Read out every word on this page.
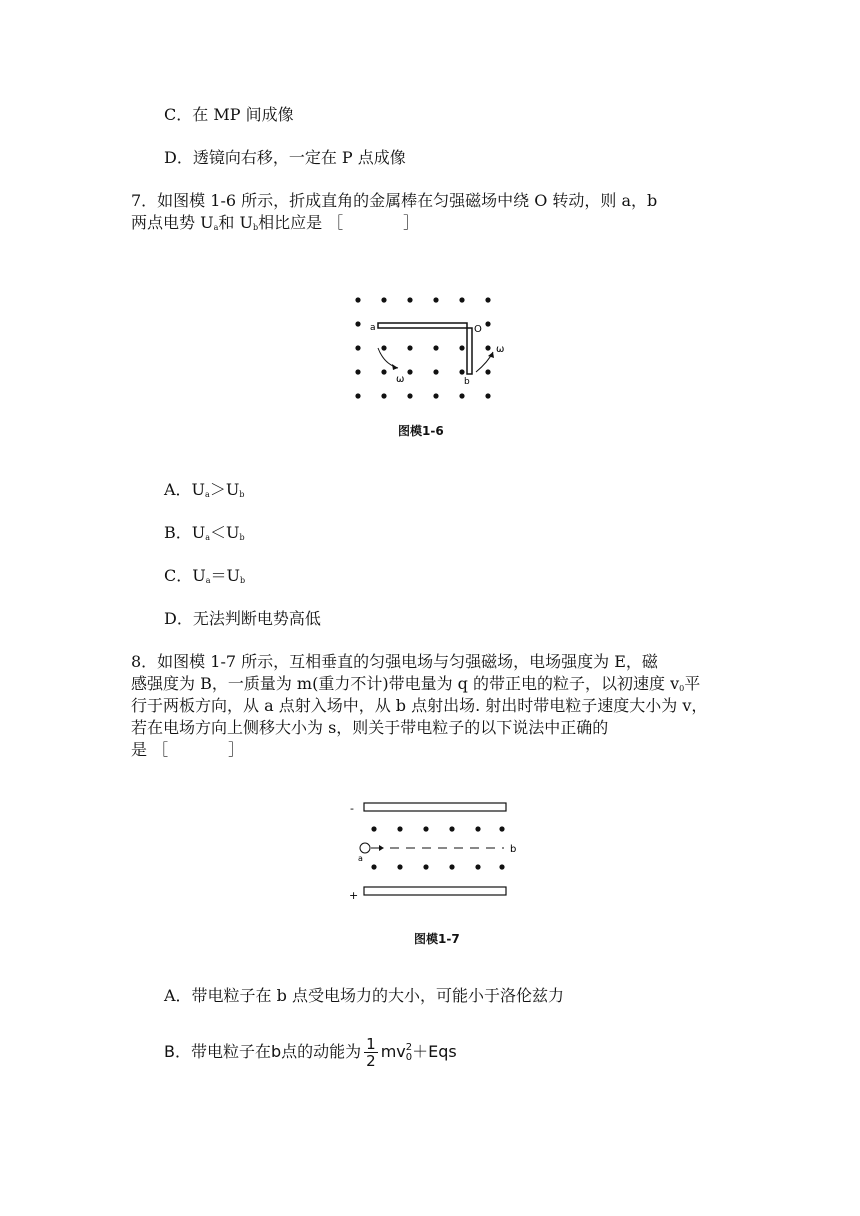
C．在 MP 间成像
D．透镜向右移，一定在 P 点成像
7．如图模 1-6 所示，折成直角的金属棒在匀强磁场中绕 O 转动，则 a，b
两点电势 $U_a$和 $U_b$相比应是 ［	］
a	O
b
ω
ω
图模1-6
A．$U_a>U_b$
B．$U_a<U_b$
C．$U_a=U_b$
D．无法判断电势高低
8．如图模 1-7 所示，互相垂直的匀强电场与匀强磁场，电场强度为 E，磁
感强度为 B，一质量为 m(重力不计)带电量为 q 的带正电的粒子，以初速度 $v_0$平
行于两板方向，从 a 点射入场中，从 b 点射出场. 射出时带电粒子速度大小为 v，
若在电场方向上侧移大小为 s，则关于带电粒子的以下说法中正确的
是 ［	］
-
+
a
b
图模1-7
A．带电粒子在 b 点受电场力的大小，可能小于洛伦兹力
B．带电粒子在b点的动能为 $\frac{1}{2}$ mv 2
0 ＋Eqs
